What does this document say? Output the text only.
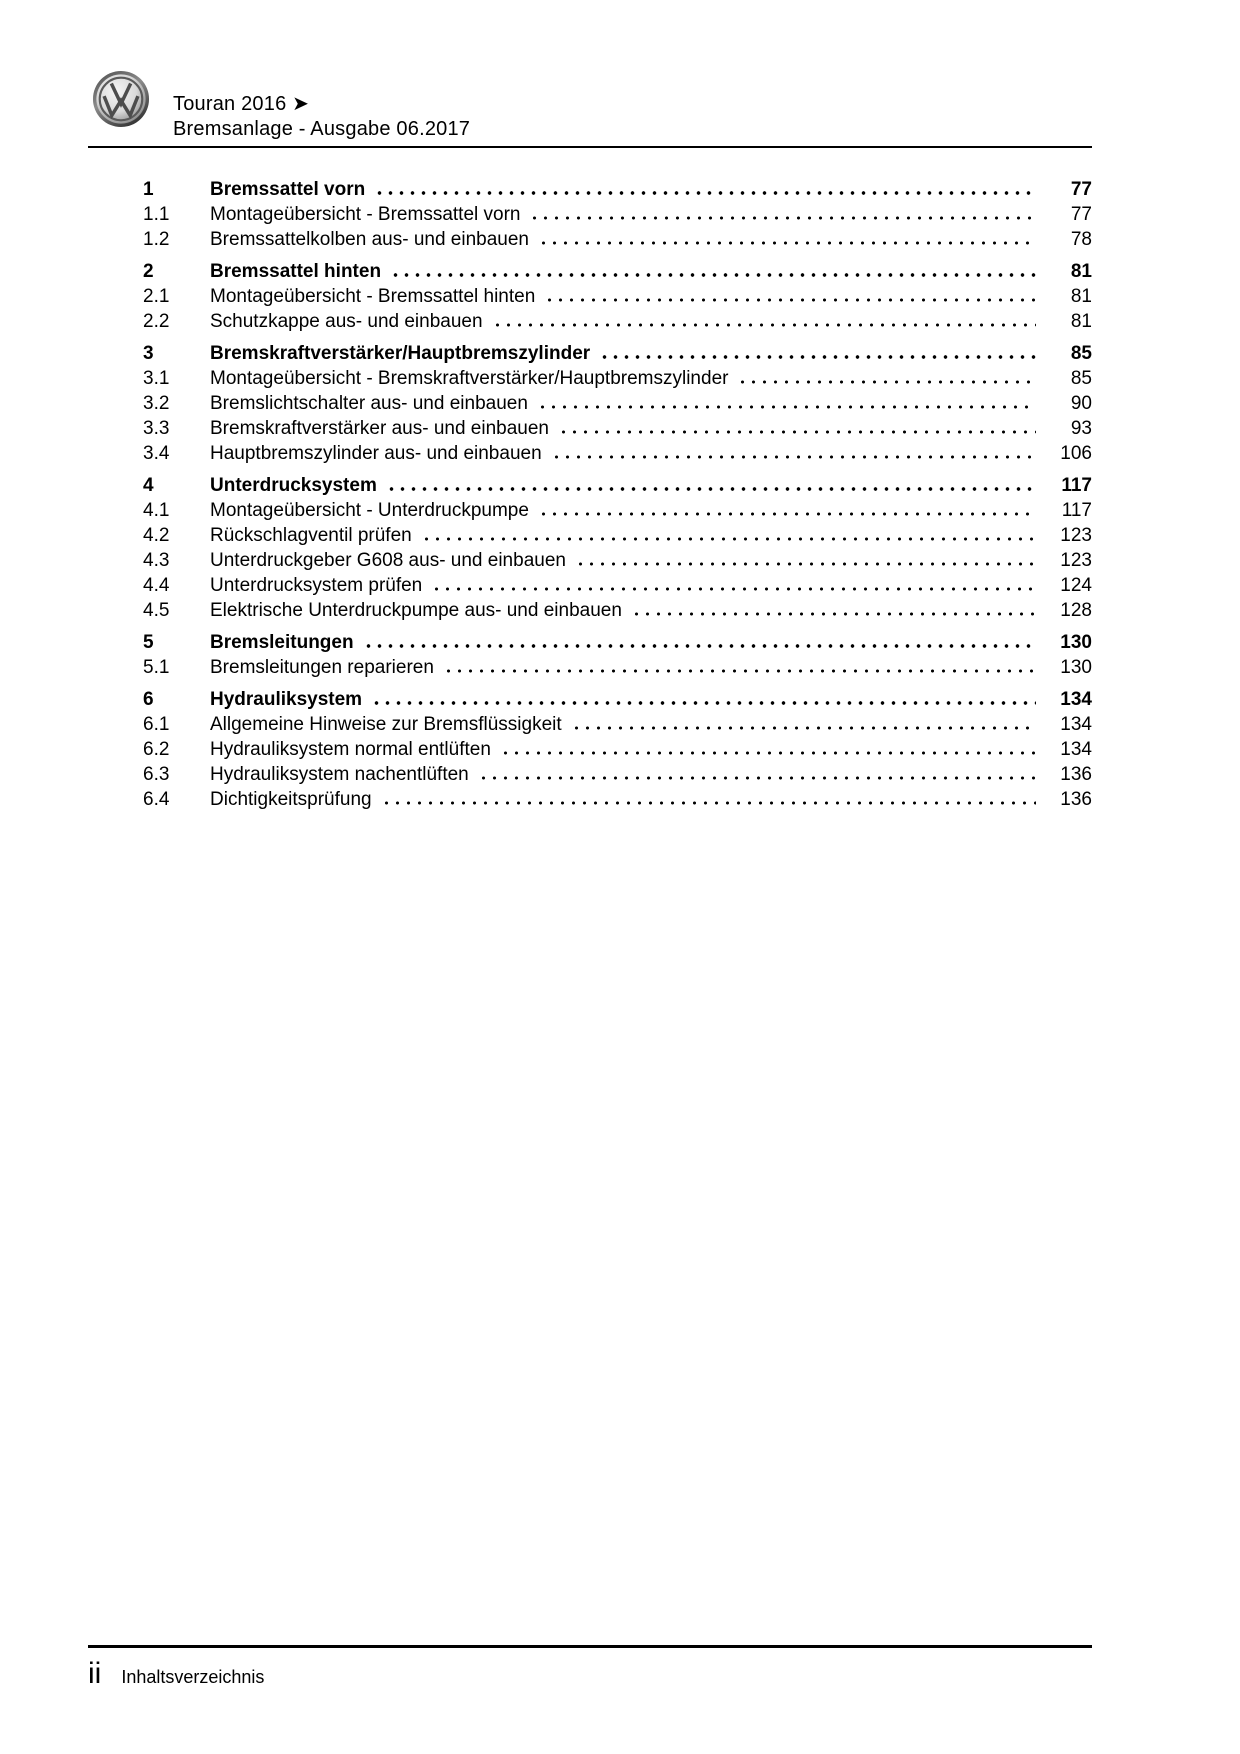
Touran 2016 ➤
Bremsanlage - Ausgabe 06.2017
1	Bremssattel vorn	77
1.1	Montageübersicht - Bremssattel vorn	77
1.2	Bremssattelkolben aus- und einbauen	78
2	Bremssattel hinten	81
2.1	Montageübersicht - Bremssattel hinten	81
2.2	Schutzkappe aus- und einbauen	81
3	Bremskraftverstärker/Hauptbremszylinder	85
3.1	Montageübersicht - Bremskraftverstärker/Hauptbremszylinder	85
3.2	Bremslichtschalter aus- und einbauen	90
3.3	Bremskraftverstärker aus- und einbauen	93
3.4	Hauptbremszylinder aus- und einbauen	106
4	Unterdrucksystem	117
4.1	Montageübersicht - Unterdruckpumpe	117
4.2	Rückschlagventil prüfen	123
4.3	Unterdruckgeber G608 aus- und einbauen	123
4.4	Unterdrucksystem prüfen	124
4.5	Elektrische Unterdruckpumpe aus- und einbauen	128
5	Bremsleitungen	130
5.1	Bremsleitungen reparieren	130
6	Hydrauliksystem	134
6.1	Allgemeine Hinweise zur Bremsflüssigkeit	134
6.2	Hydrauliksystem normal entlüften	134
6.3	Hydrauliksystem nachentlüften	136
6.4	Dichtigkeitsprüfung	136
ii Inhaltsverzeichnis
